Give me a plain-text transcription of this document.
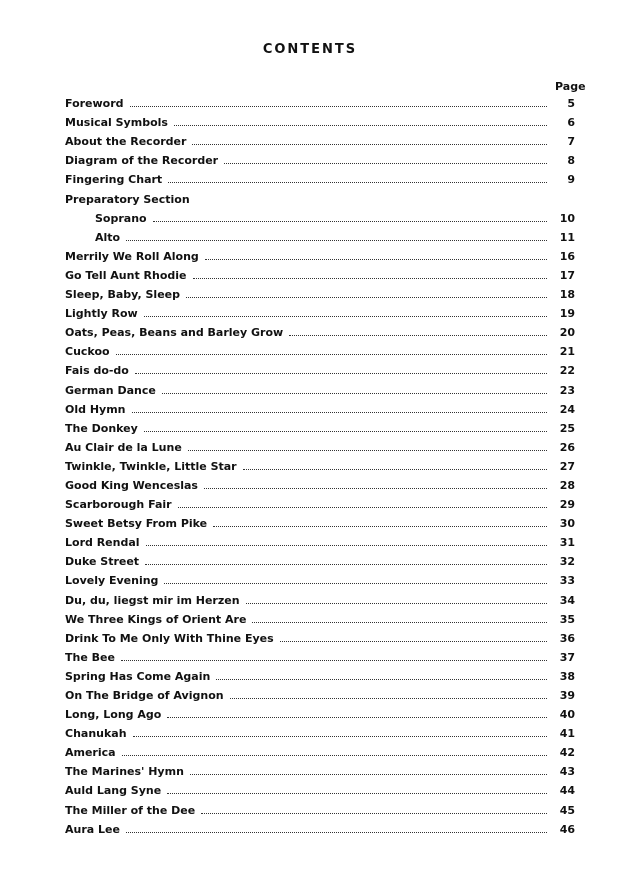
CONTENTS
Page
Foreword	5
Musical Symbols	6
About the Recorder	7
Diagram of the Recorder	8
Fingering Chart	9
Preparatory Section
Soprano	10
Alto	11
Merrily We Roll Along	16
Go Tell Aunt Rhodie	17
Sleep, Baby, Sleep	18
Lightly Row	19
Oats, Peas, Beans and Barley Grow	20
Cuckoo	21
Fais do-do	22
German Dance	23
Old Hymn	24
The Donkey	25
Au Clair de la Lune	26
Twinkle, Twinkle, Little Star	27
Good King Wenceslas	28
Scarborough Fair	29
Sweet Betsy From Pike	30
Lord Rendal	31
Duke Street	32
Lovely Evening	33
Du, du, liegst mir im Herzen	34
We Three Kings of Orient Are	35
Drink To Me Only With Thine Eyes	36
The Bee	37
Spring Has Come Again	38
On The Bridge of Avignon	39
Long, Long Ago	40
Chanukah	41
America	42
The Marines' Hymn	43
Auld Lang Syne	44
The Miller of the Dee	45
Aura Lee	46
